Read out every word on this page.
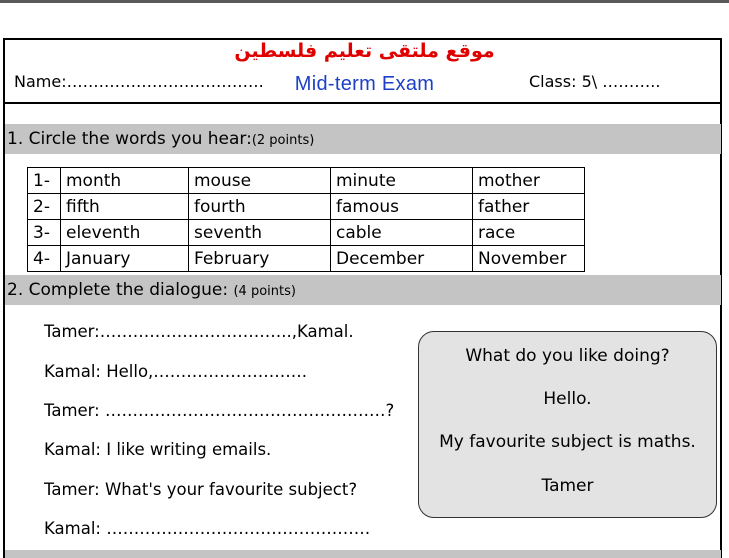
موقع ملتقى تعليم فلسطين
Name:……………………………….	Mid-term Exam	Class: 5\ ………..
1. Circle the words you hear:(2 points)
1-	month	mouse	minute	mother
2-	fifth	fourth	famous	father
3-	eleventh	seventh	cable	race
4-	January	February	December	November
2. Complete the dialogue: (4 points)
Tamer:……………………………..,Kamal.
Kamal: Hello,……………………….
Tamer: ……………………………………………?
Kamal: I like writing emails.
Tamer: What's your favourite subject?
Kamal: …………………………………………
What do you like doing?
Hello.
My favourite subject is maths.
Tamer
